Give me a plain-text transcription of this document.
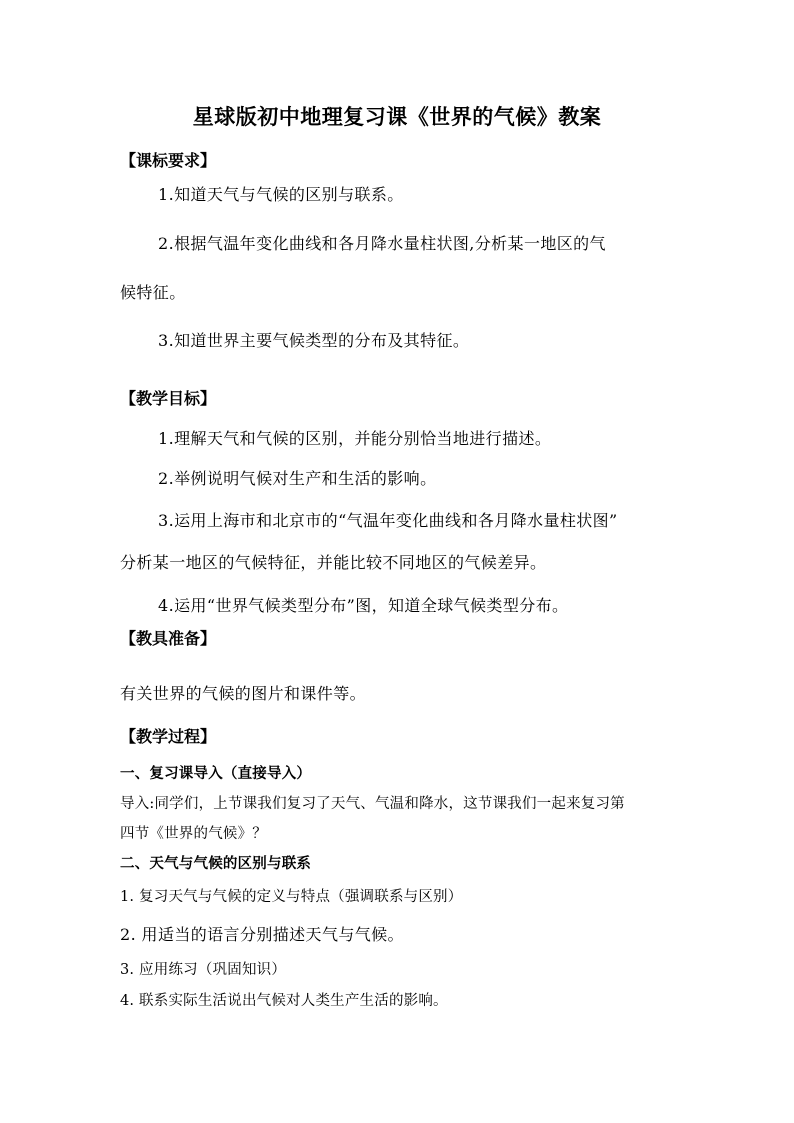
星球版初中地理复习课《世界的气候》教案
【课标要求】
1.知道天气与气候的区别与联系。
2.根据气温年变化曲线和各月降水量柱状图,分析某一地区的气
候特征。
3.知道世界主要气候类型的分布及其特征。
【教学目标】
1.理解天气和气候的区别，并能分别恰当地进行描述。
2.举例说明气候对生产和生活的影响。
3.运用上海市和北京市的“气温年变化曲线和各月降水量柱状图”
分析某一地区的气候特征，并能比较不同地区的气候差异。
4.运用“世界气候类型分布”图，知道全球气候类型分布。
【教具准备】
有关世界的气候的图片和课件等。
【教学过程】
一、复习课导入（直接导入）
导入:同学们，上节课我们复习了天气、气温和降水，这节课我们一起来复习第
四节《世界的气候》？
二、天气与气候的区别与联系
1. 复习天气与气候的定义与特点（强调联系与区别）
2. 用适当的语言分别描述天气与气候。
3. 应用练习（巩固知识）
4. 联系实际生活说出气候对人类生产生活的影响。
